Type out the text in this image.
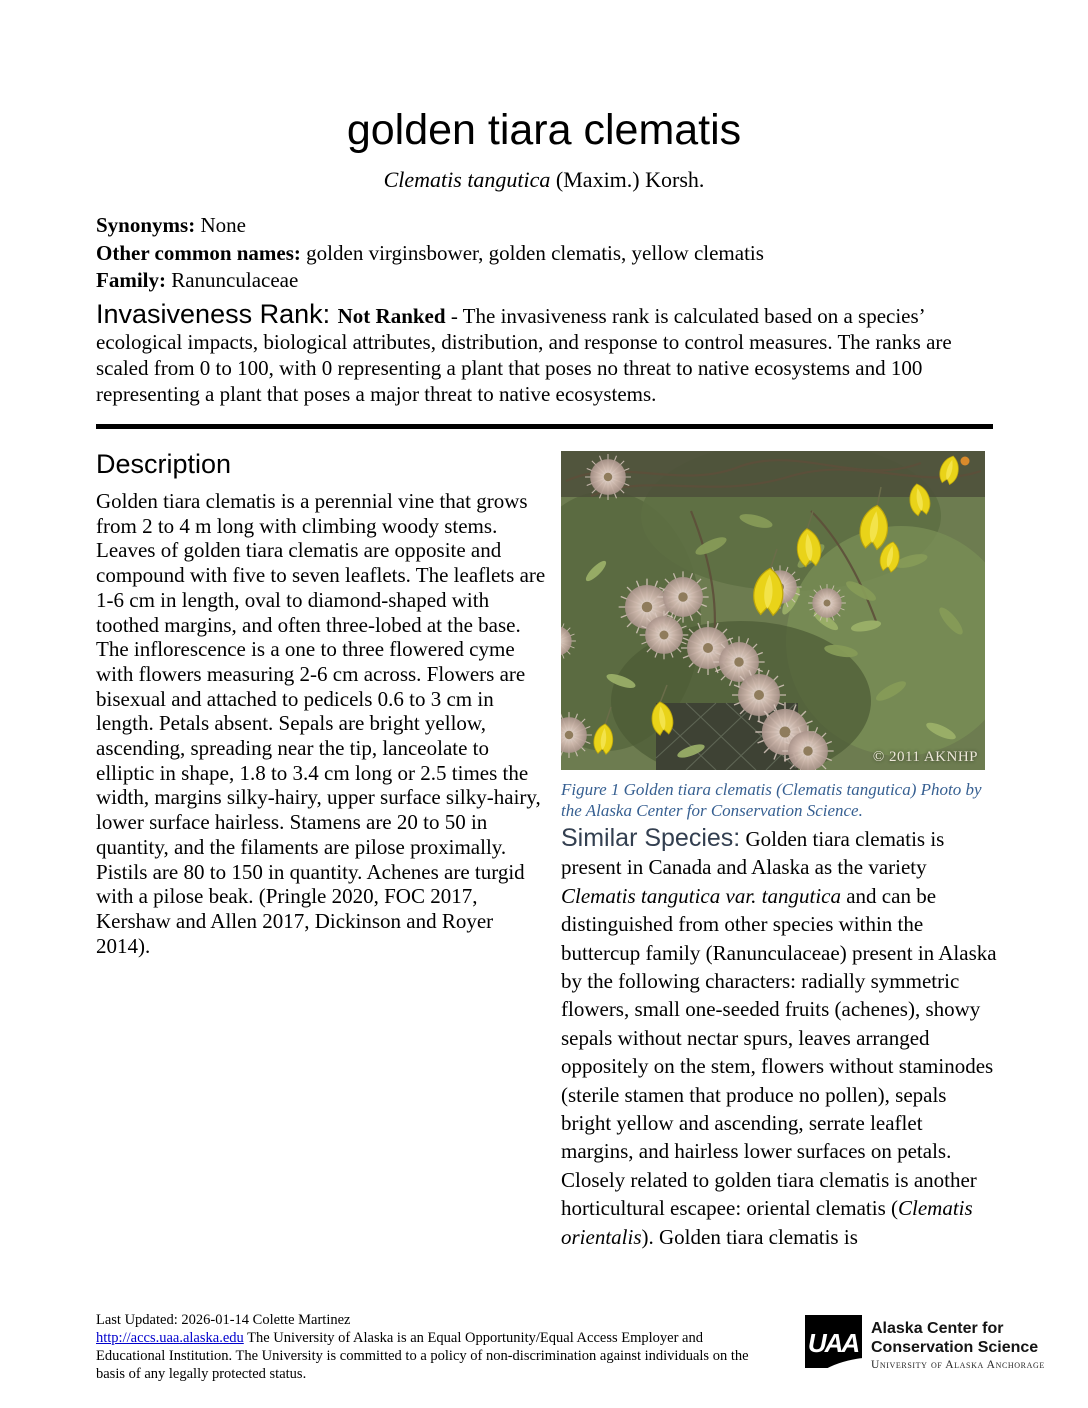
golden tiara clematis
Clematis tangutica (Maxim.) Korsh.
Synonyms: None
Other common names: golden virginsbower, golden clematis, yellow clematis
Family: Ranunculaceae

Invasiveness Rank: Not Ranked - The invasiveness rank is calculated based on a species’ ecological impacts, biological attributes, distribution, and response to control measures. The ranks are scaled from 0 to 100, with 0 representing a plant that poses no threat to native ecosystems and 100 representing a plant that poses a major threat to native ecosystems.

Description

Golden tiara clematis is a perennial vine that grows from 2 to 4 m long with climbing woody stems. Leaves of golden tiara clematis are opposite and compound with five to seven leaflets. The leaflets are 1-6 cm in length, oval to diamond-shaped with toothed margins, and often three-lobed at the base. The inflorescence is a one to three flowered cyme with flowers measuring 2-6 cm across. Flowers are bisexual and attached to pedicels 0.6 to 3 cm in length. Petals absent. Sepals are bright yellow, ascending, spreading near the tip, lanceolate to elliptic in shape, 1.8 to 3.4 cm long or 2.5 times the width, margins silky-hairy, upper surface silky-hairy, lower surface hairless. Stamens are 20 to 50 in quantity, and the filaments are pilose proximally. Pistils are 80 to 150 in quantity. Achenes are turgid with a pilose beak. (Pringle 2020, FOC 2017, Kershaw and Allen 2017, Dickinson and Royer 2014).

© 2011 AKNHP
Figure 1 Golden tiara clematis (Clematis tangutica) Photo by the Alaska Center for Conservation Science.

Similar Species: Golden tiara clematis is present in Canada and Alaska as the variety Clematis tangutica var. tangutica and can be distinguished from other species within the buttercup family (Ranunculaceae) present in Alaska by the following characters: radially symmetric flowers, small one-seeded fruits (achenes), showy sepals without nectar spurs, leaves arranged oppositely on the stem, flowers without staminodes (sterile stamen that produce no pollen), sepals bright yellow and ascending, serrate leaflet margins, and hairless lower surfaces on petals. Closely related to golden tiara clematis is another horticultural escapee: oriental clematis (Clematis orientalis). Golden tiara clematis is

Last Updated: 2026-01-14 Colette Martinez
http://accs.uaa.alaska.edu The University of Alaska is an Equal Opportunity/Equal Access Employer and Educational Institution. The University is committed to a policy of non-discrimination against individuals on the basis of any legally protected status.
UAA Alaska Center for
Conservation Science
University of Alaska Anchorage
